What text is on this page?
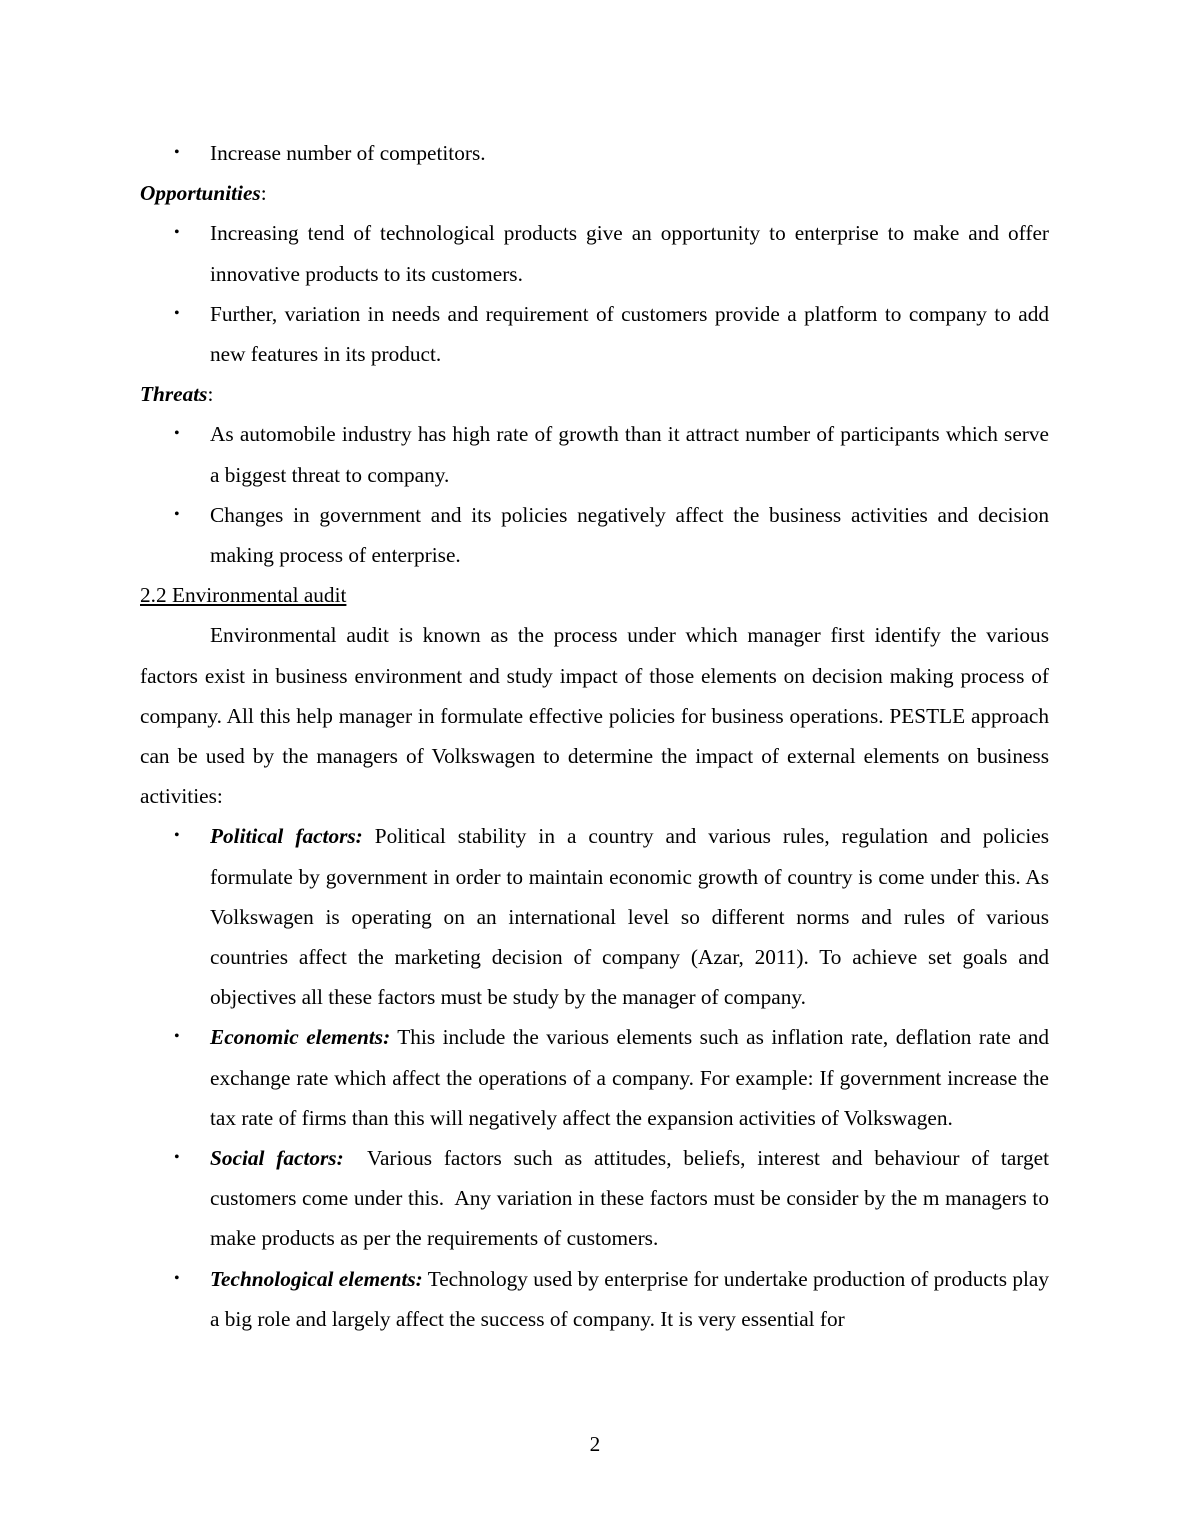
•	Increase number of competitors.

Opportunities:

•	Increasing tend of technological products give an opportunity to enterprise to make and offer innovative products to its customers.

•	Further, variation in needs and requirement of customers provide a platform to company to add new features in its product.

Threats:

•	As automobile industry has high rate of growth than it attract number of participants which serve a biggest threat to company.

•	Changes in government and its policies negatively affect the business activities and decision making process of enterprise.

2.2 Environmental audit

Environmental audit is known as the process under which manager first identify the various factors exist in business environment and study impact of those elements on decision making process of company. All this help manager in formulate effective policies for business operations. PESTLE approach can be used by the managers of Volkswagen to determine the impact of external elements on business activities:

•	Political factors: Political stability in a country and various rules, regulation and policies formulate by government in order to maintain economic growth of country is come under this. As Volkswagen is operating on an international level so different norms and rules of various countries affect the marketing decision of company (Azar, 2011). To achieve set goals and objectives all these factors must be study by the manager of company.

•	Economic elements: This include the various elements such as inflation rate, deflation rate and exchange rate which affect the operations of a company. For example: If government increase the tax rate of firms than this will negatively affect the expansion activities of Volkswagen.

•	Social factors:  Various factors such as attitudes, beliefs, interest and behaviour of target customers come under this.  Any variation in these factors must be consider by the m managers to make products as per the requirements of customers.

•	Technological elements: Technology used by enterprise for undertake production of products play a big role and largely affect the success of company. It is very essential for

2
